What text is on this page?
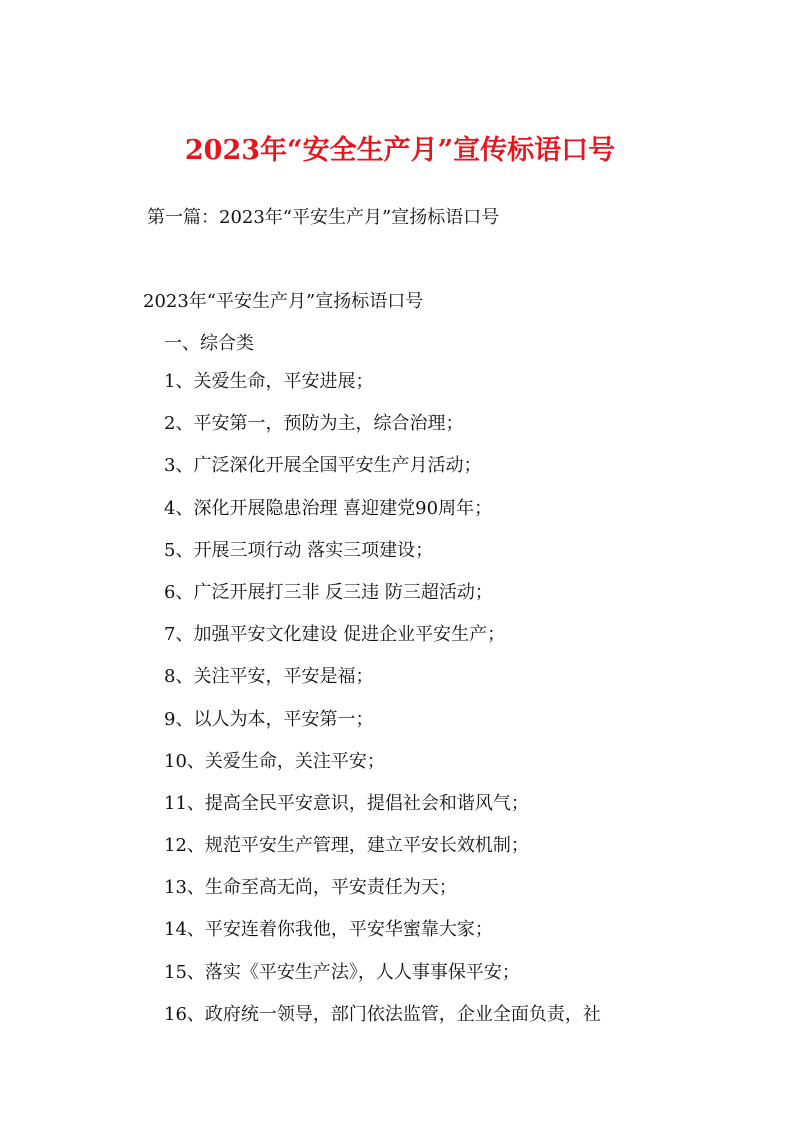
2023年“安全生产月”宣传标语口号
第一篇：2023年“平安生产月”宣扬标语口号
2023年“平安生产月”宣扬标语口号
一、综合类
1、关爱生命，平安进展；
2、平安第一，预防为主，综合治理；
3、广泛深化开展全国平安生产月活动；
4、深化开展隐患治理 喜迎建党90周年；
5、开展三项行动 落实三项建设；
6、广泛开展打三非 反三违 防三超活动；
7、加强平安文化建设 促进企业平安生产；
8、关注平安，平安是福；
9、以人为本，平安第一；
10、关爱生命，关注平安；
11、提高全民平安意识，提倡社会和谐风气；
12、规范平安生产管理，建立平安长效机制；
13、生命至高无尚，平安责任为天；
14、平安连着你我他，平安华蜜靠大家；
15、落实《平安生产法》，人人事事保平安；
16、政府统一领导，部门依法监管，企业全面负责，社
